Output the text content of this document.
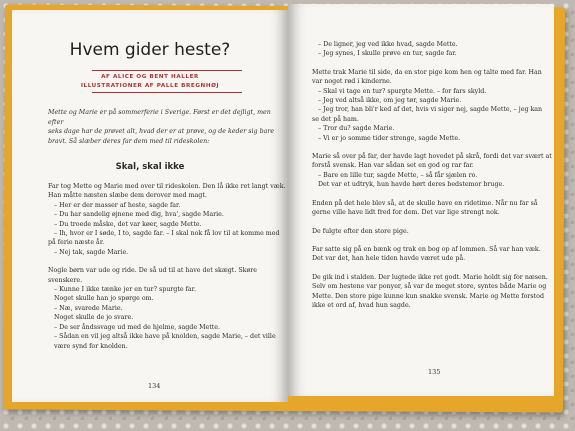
Hvem gider heste?
AF ALICE OG BENT HALLER
ILLUSTRATIONER AF PALLE BREGNHØJ
Mette og Marie er på sommerferie i Sverige. Først er det dejligt, men efter
seks dage har de prøvet alt, hvad der er at prøve, og de keder sig bare
bravt. Så slæber deres far dem med til rideskolen:
Skal, skal ikke

Far tog Mette og Marie med over til rideskolen. Den lå ikke ret langt væk.

Han måtte næsten slæbe dem derover med magt.

– Her er der masser af heste, sagde far.

– Du har sandelig øjnene med dig, hva', sagde Marie.

– Du troede måske, det var køer, sagde Mette.

– Ih, hvor er I søde, I to, sagde far. – I skal nok få lov til at komme med

på ferie næste år.

– Nej tak, sagde Marie.

Nogle børn var ude og ride. De så ud til at have det skægt. Skøre

svenskere.

– Kunne I ikke tænke jer en tur? spurgte far.

Noget skulle han jo spørge om.

– Næ, svarede Marie.

Noget skulle de jo svare.

– De ser åndssvage ud med de hjelme, sagde Mette.

– Sådan en vil jeg altså ikke have på knolden, sagde Marie, – det ville

være synd for knolden.

134

– De ligner, jeg ved ikke hvad, sagde Mette.

– Jeg synes, I skulle prøve en tur, sagde far.

Mette trak Marie til side, da en stor pige kom hen og talte med far. Han

var noget rød i kinderne.

– Skal vi tage en tur? spurgte Mette. – for fars skyld.

– Jeg ved altså ikke, om jeg tør, sagde Marie.

– Jeg tror, han bli'r ked af det, hvis vi siger nej, sagde Mette, – jeg kan

se det på ham.

– Tror du? sagde Marie.

– Vi er jo somme tider strenge, sagde Mette.

Marie så over på far, der havde lagt hovedet på skrå, fordi det var svært at

forstå svensk. Han var sådan set en god og rar far.

– Bare en lille tur, sagde Mette, – så får sjælen ro.

Det var et udtryk, hun havde hørt deres bedstemor bruge.

Enden på det hele blev så, at de skulle have en ridetime. Når nu far så

gerne ville have lidt fred for dem. Det var lige strengt nok.

De fulgte efter den store pige.

Far satte sig på en bænk og trak en bog op af lommen. Så var han væk.

Det var det, han hele tiden havde været ude på.

De gik ind i stalden. Der lugtede ikke ret godt. Marie holdt sig for næsen.

Selv om hestene var ponyer, så var de meget store, syntes både Marie og

Mette. Den store pige kunne kun snakke svensk. Marie og Mette forstod

ikke et ord af, hvad hun sagde.

135
